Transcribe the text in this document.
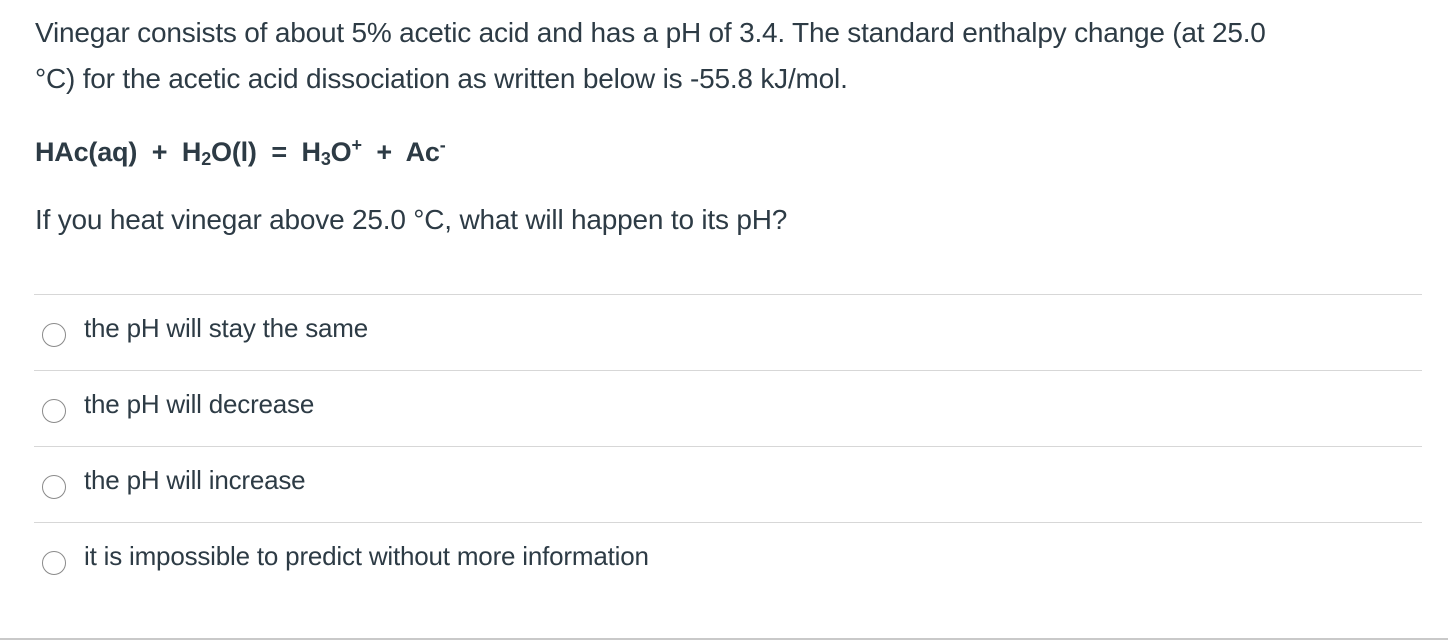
Vinegar consists of about 5% acetic acid and has a pH of 3.4. The standard enthalpy change (at 25.0

°C) for the acetic acid dissociation as written below is -55.8 kJ/mol.

$HAc(aq) + H_2O(l) = H_3O^+ + Ac^-$

If you heat vinegar above 25.0 °C, what will happen to its pH?

the pH will stay the same
the pH will decrease
the pH will increase
it is impossible to predict without more information
